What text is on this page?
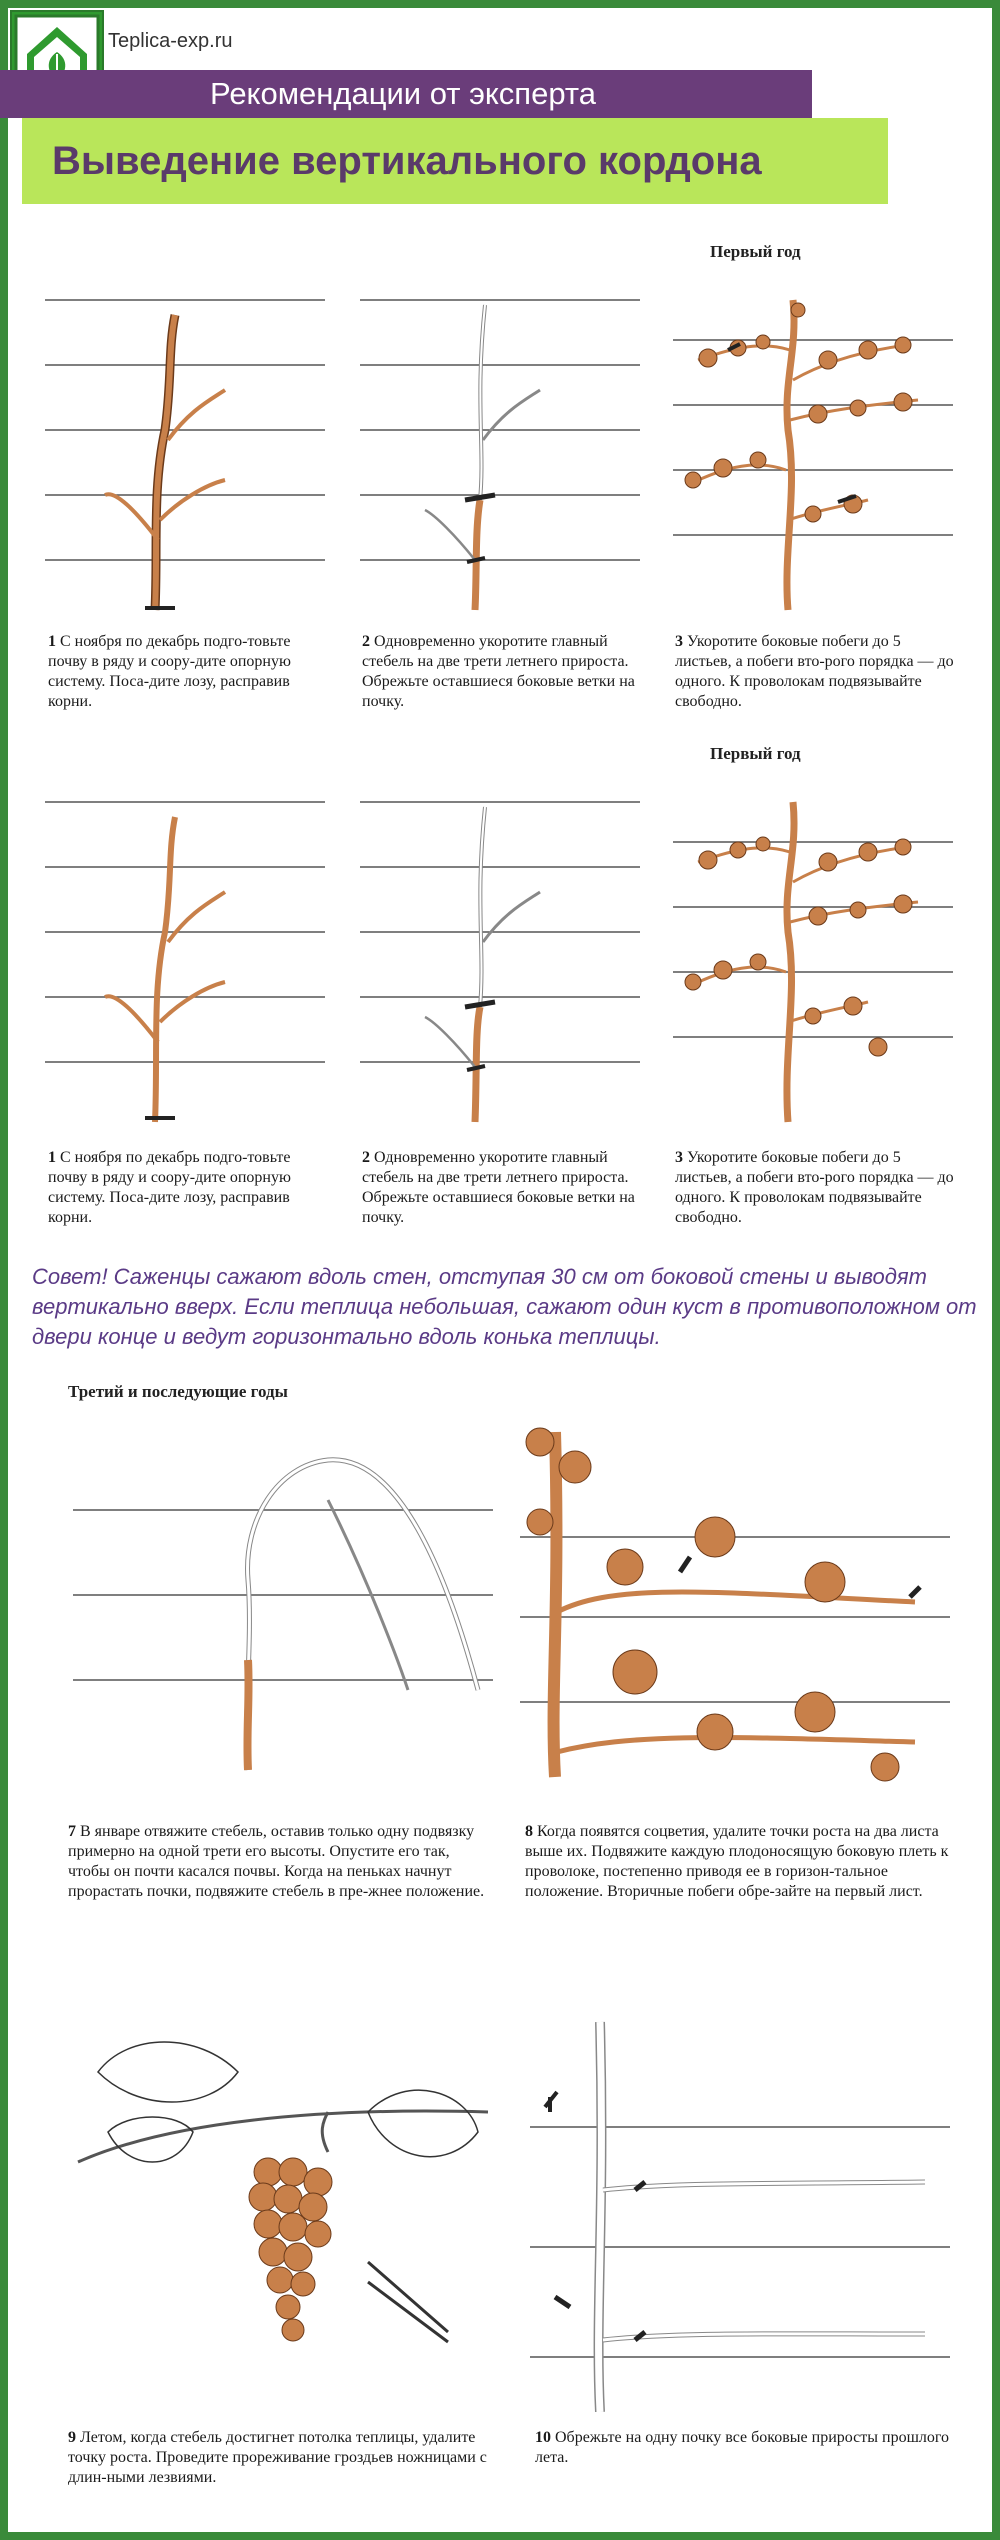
Teplica-exp.ru
Рекомендации от эксперта
Выведение вертикального кордона
Первый год
1 С ноября по декабрь подго-товьте почву в ряду и соору-дите опорную систему. Поса-дите лозу, расправив корни.
2 Одновременно укоротите главный стебель на две трети летнего прироста. Обрежьте оставшиеся боковые ветки на почку.
3 Укоротите боковые побеги до 5 листьев, а побеги вто-рого порядка — до одного. К проволокам подвязывайте свободно.
Первый год
1 С ноября по декабрь подго-товьте почву в ряду и соору-дите опорную систему. Поса-дите лозу, расправив корни.
2 Одновременно укоротите главный стебель на две трети летнего прироста. Обрежьте оставшиеся боковые ветки на почку.
3 Укоротите боковые побеги до 5 листьев, а побеги вто-рого порядка — до одного. К проволокам подвязывайте свободно.
Совет! Саженцы сажают вдоль стен, отступая 30 см от боковой стены и выводят вертикально вверх. Если теплица небольшая, сажают один куст в противоположном от двери конце и ведут горизонтально вдоль конька теплицы.
Третий и последующие годы
7 В январе отвяжите стебель, оставив только одну подвязку примерно на одной трети его высоты. Опустите его так, чтобы он почти касался почвы. Когда на пеньках начнут прорастать почки, подвяжите стебель в пре-жнее положение.
8 Когда появятся соцветия, удалите точки роста на два листа выше их. Подвяжите каждую плодоносящую боковую плеть к проволоке, постепенно приводя ее в горизон-тальное положение. Вторичные побеги обре-зайте на первый лист.
9 Летом, когда стебель достигнет потолка теплицы, удалите точку роста. Проведите прореживание гроздьев ножницами с длин-ными лезвиями.
10 Обрежьте на одну почку все боковые приросты прошлого лета.
